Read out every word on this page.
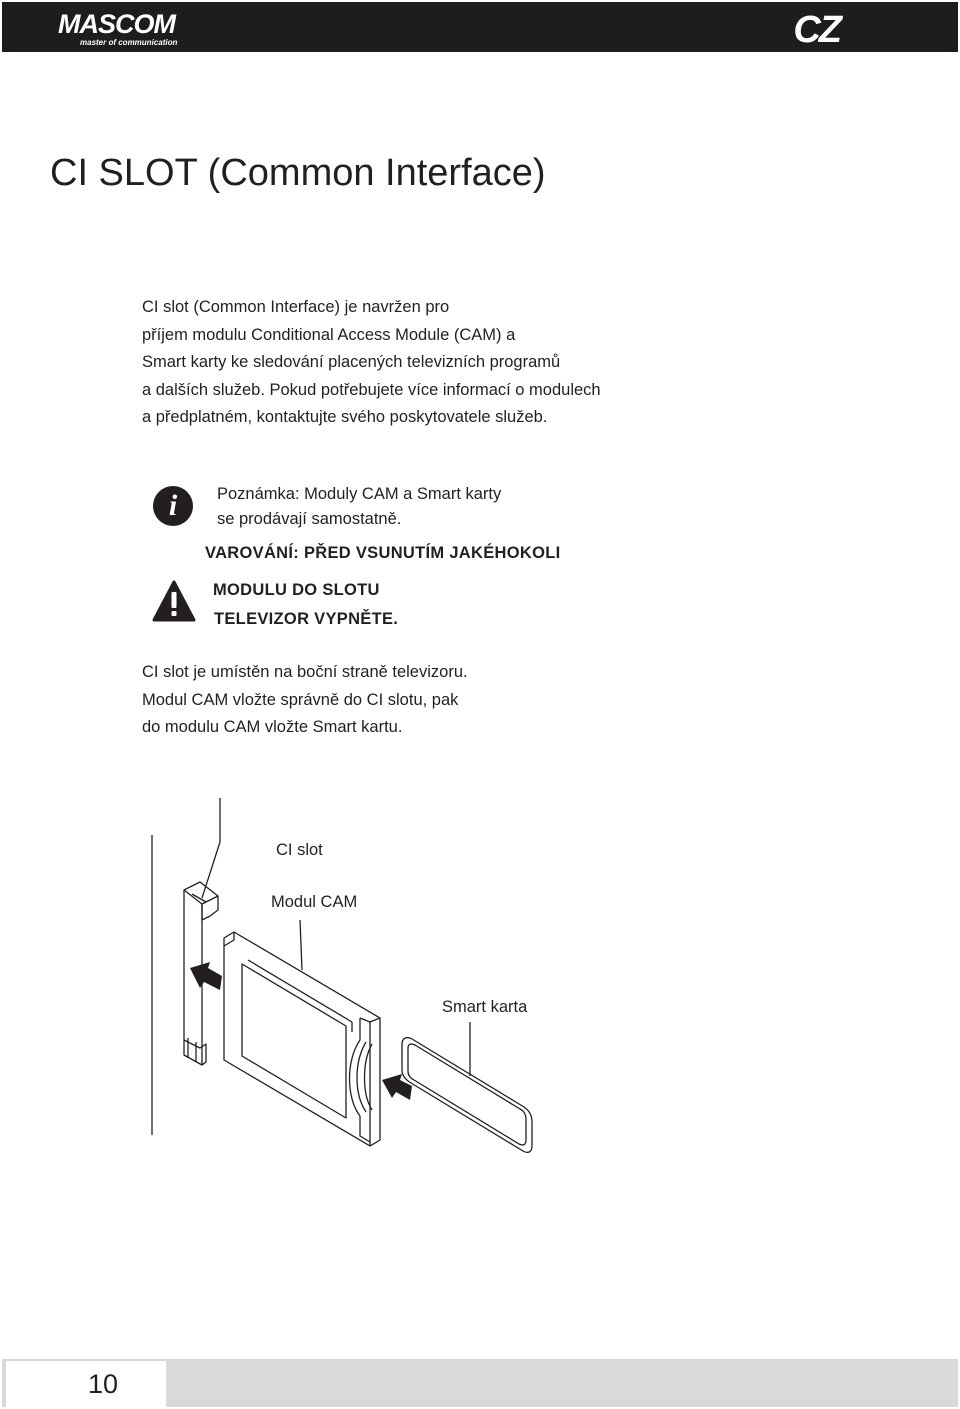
MASCOM
master of communication	CZ
CI SLOT (Common Interface)

CI slot (Common Interface) je navržen pro

příjem modulu Conditional Access Module (CAM) a

Smart karty ke sledování placených televizních programů

a dalších služeb. Pokud potřebujete více informací o modulech

a předplatném, kontaktujte svého poskytovatele služeb.

i	Poznámka: Moduly CAM a Smart karty

se prodávají samostatně.

VAROVÁNÍ: PŘED VSUNUTÍM JAKÉHOKOLI
MODULU DO SLOTU
TELEVIZOR VYPNĚTE.

CI slot je umístěn na boční straně televizoru.

Modul CAM vložte správně do CI slotu, pak

do modulu CAM vložte Smart kartu.

CI slot
Modul CAM
Smart karta
10
